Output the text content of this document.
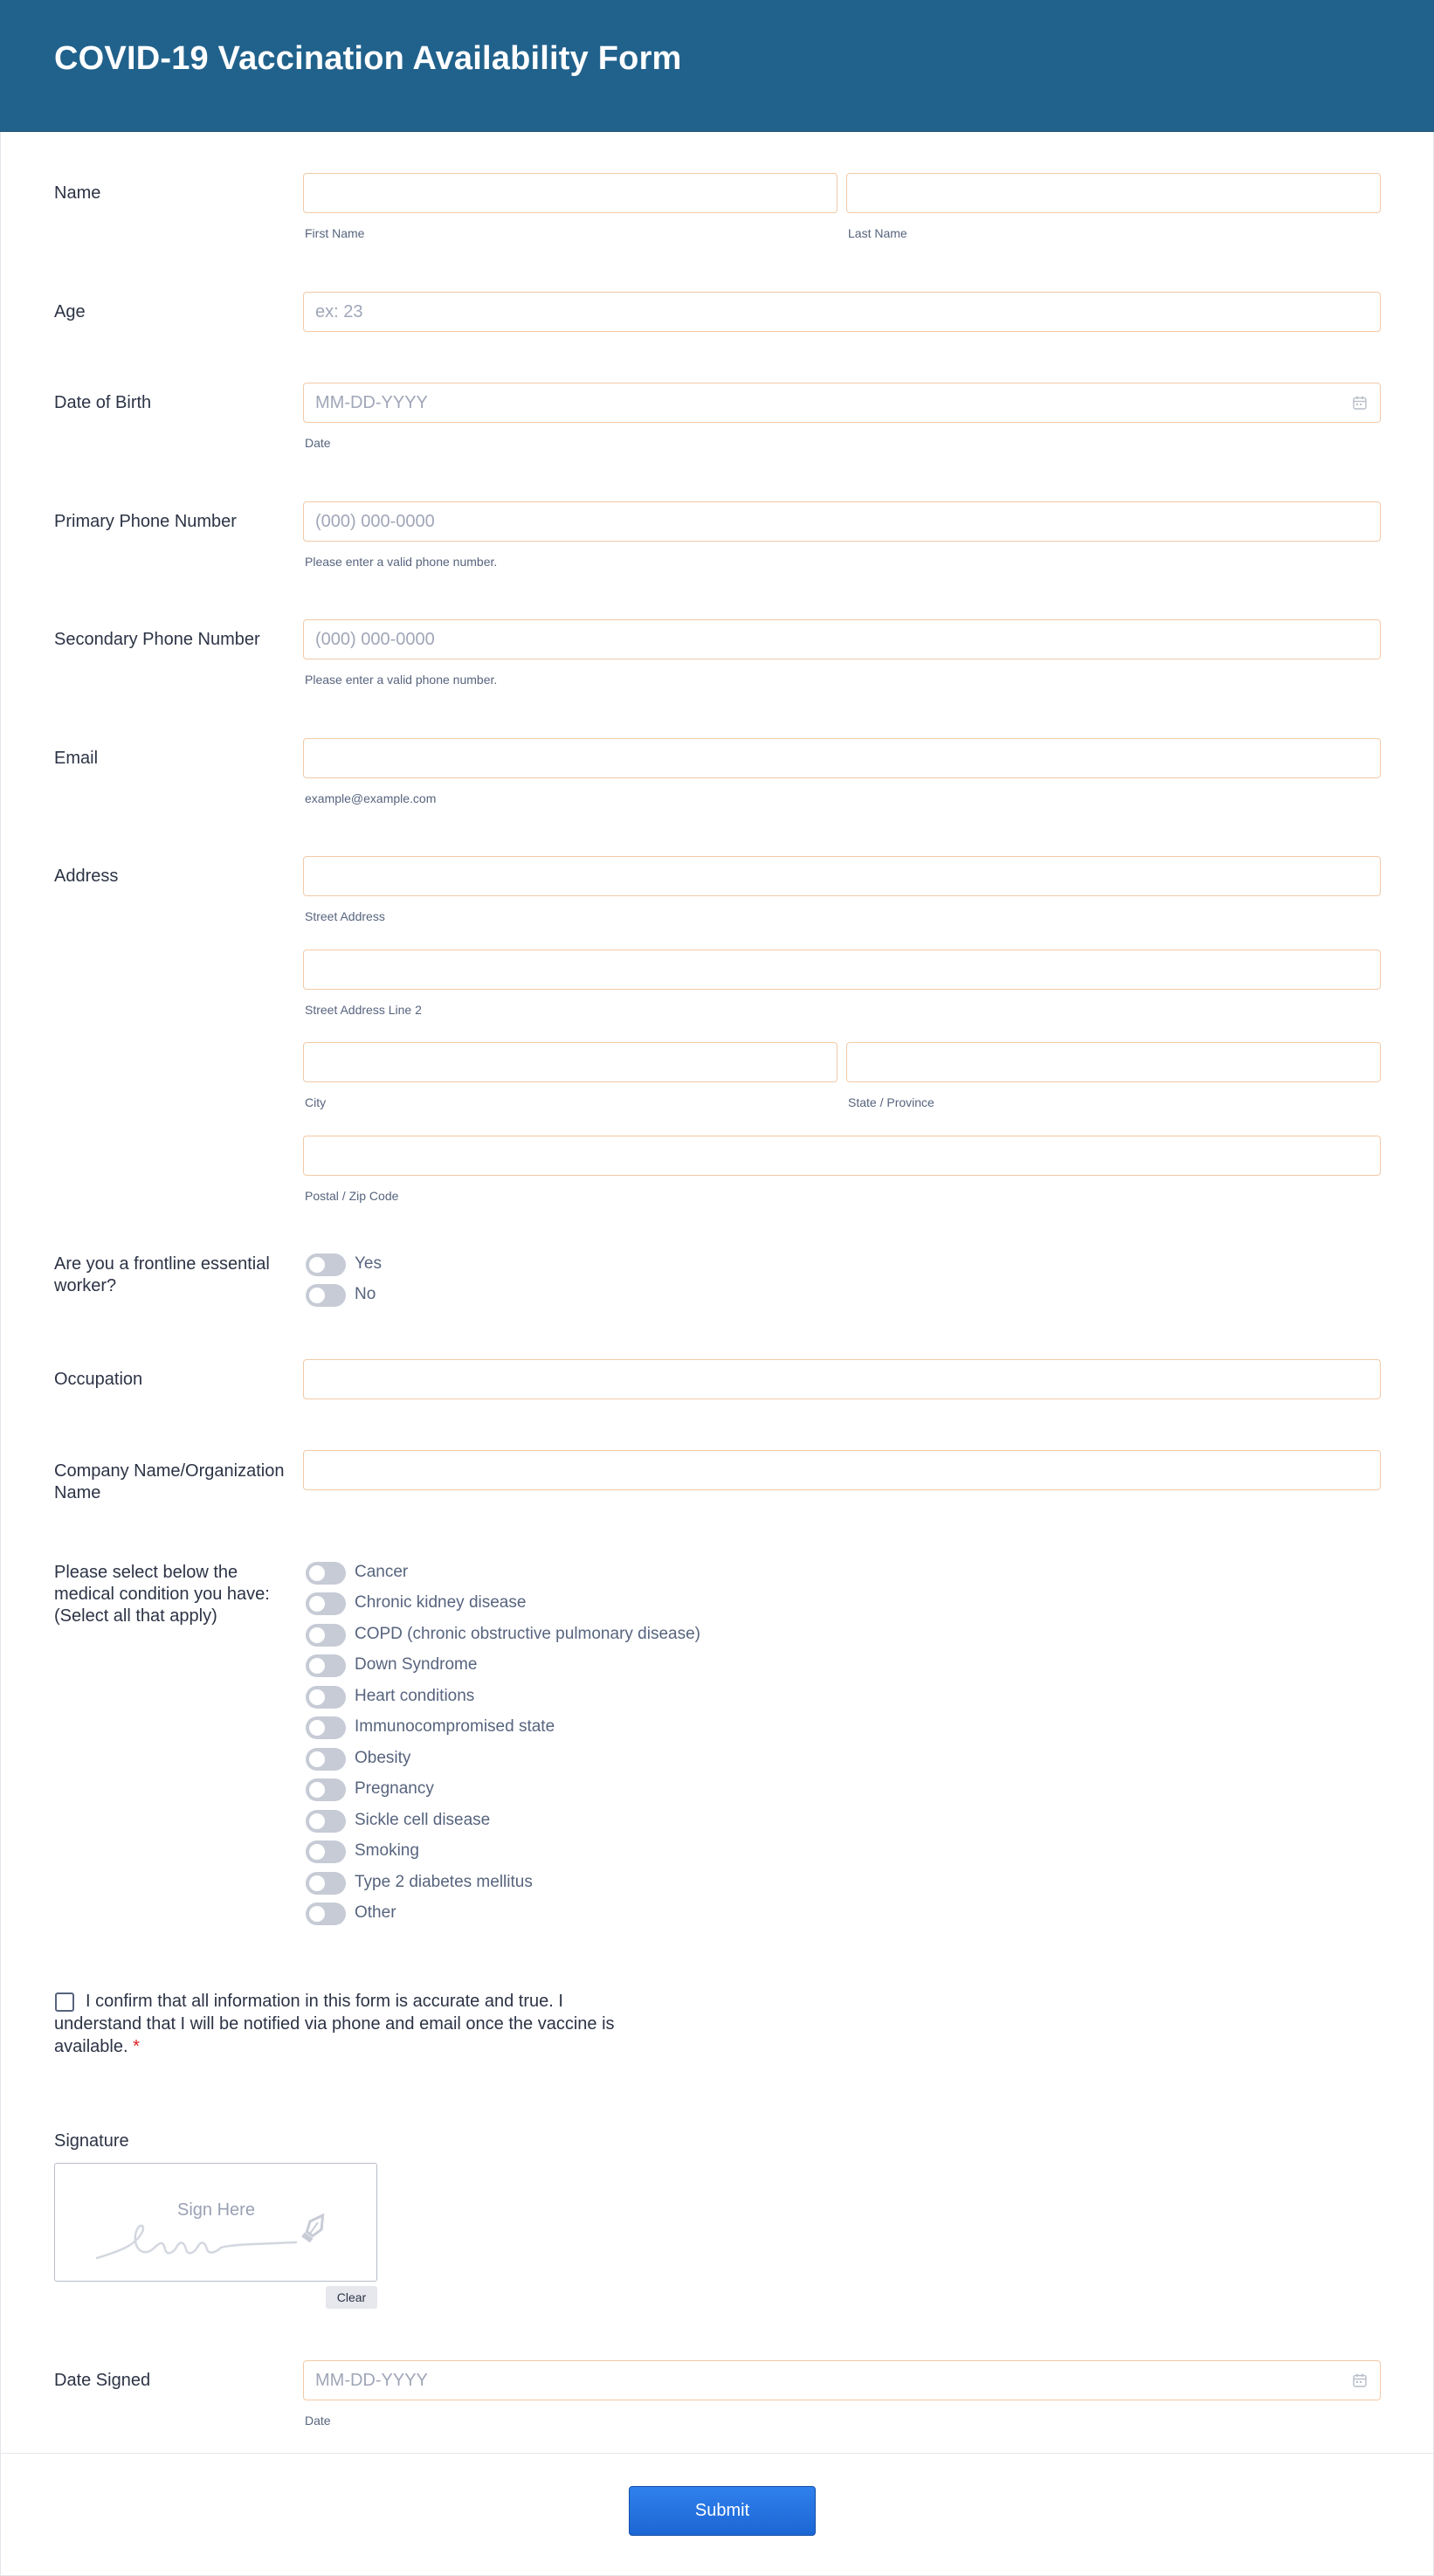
COVID-19 Vaccination Availability Form
Name
First Name	Last Name
Age
ex: 23
Date of Birth
MM-DD-YYYY
Date
Primary Phone Number
(000) 000-0000
Please enter a valid phone number.
Secondary Phone Number
(000) 000-0000
Please enter a valid phone number.
Email
example@example.com
Address
Street Address
Street Address Line 2
City	State / Province
Postal / Zip Code
Are you a frontline essential worker?
Yes
No
Occupation
Company Name/Organization Name
Please select below the medical condition you have: (Select all that apply)
Cancer
Chronic kidney disease
COPD (chronic obstructive pulmonary disease)
Down Syndrome
Heart conditions
Immunocompromised state
Obesity
Pregnancy
Sickle cell disease
Smoking
Type 2 diabetes mellitus
Other
I confirm that all information in this form is accurate and true. I understand that I will be notified via phone and email once the vaccine is available. *
Signature
Sign Here
Clear
Date Signed
MM-DD-YYYY
Date
Submit
